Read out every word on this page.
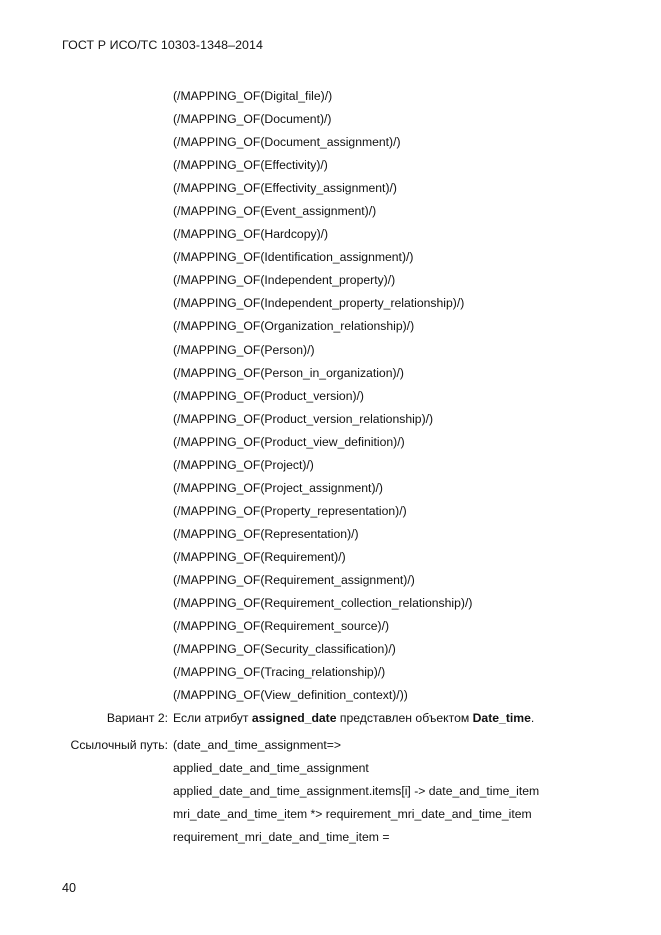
ГОСТ Р ИСО/ТС 10303-1348–2014
(/MAPPING_OF(Digital_file)/)
(/MAPPING_OF(Document)/)
(/MAPPING_OF(Document_assignment)/)
(/MAPPING_OF(Effectivity)/)
(/MAPPING_OF(Effectivity_assignment)/)
(/MAPPING_OF(Event_assignment)/)
(/MAPPING_OF(Hardcopy)/)
(/MAPPING_OF(Identification_assignment)/)
(/MAPPING_OF(Independent_property)/)
(/MAPPING_OF(Independent_property_relationship)/)
(/MAPPING_OF(Organization_relationship)/)
(/MAPPING_OF(Person)/)
(/MAPPING_OF(Person_in_organization)/)
(/MAPPING_OF(Product_version)/)
(/MAPPING_OF(Product_version_relationship)/)
(/MAPPING_OF(Product_view_definition)/)
(/MAPPING_OF(Project)/)
(/MAPPING_OF(Project_assignment)/)
(/MAPPING_OF(Property_representation)/)
(/MAPPING_OF(Representation)/)
(/MAPPING_OF(Requirement)/)
(/MAPPING_OF(Requirement_assignment)/)
(/MAPPING_OF(Requirement_collection_relationship)/)
(/MAPPING_OF(Requirement_source)/)
(/MAPPING_OF(Security_classification)/)
(/MAPPING_OF(Tracing_relationship)/)
(/MAPPING_OF(View_definition_context)/))
Вариант 2: Если атрибут assigned_date представлен объектом Date_time.
Ссылочный путь: (date_and_time_assignment=>
applied_date_and_time_assignment
applied_date_and_time_assignment.items[i] -> date_and_time_item
mri_date_and_time_item *> requirement_mri_date_and_time_item
requirement_mri_date_and_time_item =
40
